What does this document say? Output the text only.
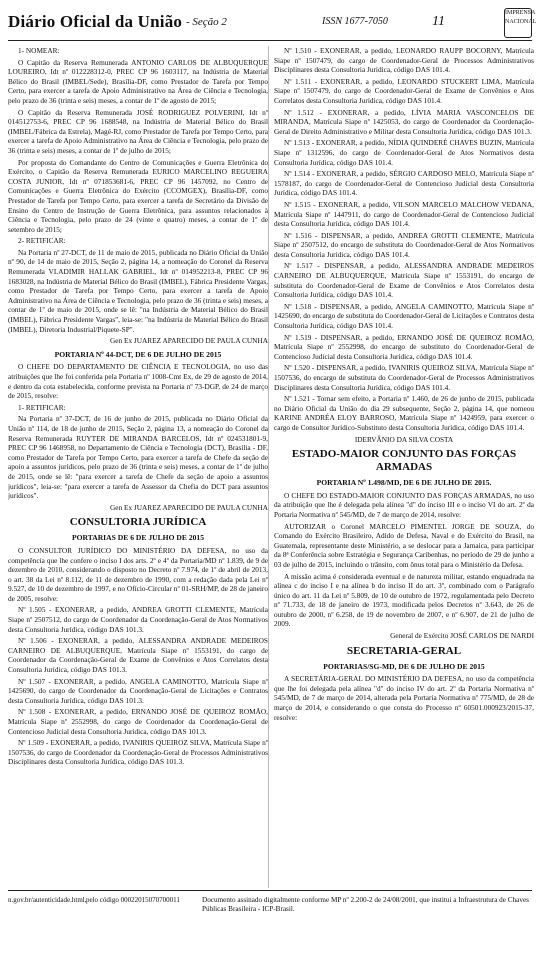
Diário Oficial da União - Seção 2	ISSN 1677-7050	11
IMPRENSA NACIONAL

1- NOMEAR:

O Capitão da Reserva Remunerada ANTONIO CARLOS DE ALBUQUERQUE LOUREIRO, Idt nº 012228312-0, PREC CP 96 1603117, na Indústria de Material Bélico do Brasil (IMBEL/Sede), Brasília-DF, como Prestador de Tarefa por Tempo Certo, para exercer a tarefa de Apoio Administrativo na Área de Ciência e Tecnologia, pelo prazo de 36 (trinta e seis) meses, a contar de 1º de agosto de 2015;

O Capitão da Reserva Remunerada JOSÉ RODRIGUEZ POLVERINI, Idt nº 014512753-6, PREC CP 96 1688548, na Indústria de Material Bélico do Brasil (IMBEL/Fábrica da Estrela), Magé-RJ, como Prestador de Tarefa por Tempo Certo, para exercer a tarefa de Apoio Administrativo na Área de Ciência e Tecnologia, pelo prazo de 36 (trinta e seis) meses, a contar de 1º de julho de 2015;

Por proposta do Comandante do Centro de Comunicações e Guerra Eletrônica do Exército, o Capitão da Reserva Remunerada EURICO MARCELINO REGUEIRA COSTA JUNIOR, Idt nº 071853681-6, PREC CP 96 1457092, no Centro de Comunicações e Guerra Eletrônica do Exército (CCOMGEX), Brasília-DF, como Prestador de Tarefa por Tempo Certo, para exercer a tarefa de Secretário da Divisão de Ensino do Centro de Instrução de Guerra Eletrônica, para assuntos relacionados à Ciência e Tecnologia, pelo prazo de 24 (vinte e quatro) meses, a contar de 1º de setembro de 2015;

2- RETIFICAR:

Na Portaria nº 27-DCT, de 11 de maio de 2015, publicada no Diário Oficial da União nº 90, de 14 de maio de 2015, Seção 2, página 14, a nomeação do Coronel da Reserva Remunerada VLADIMIR HALLAK GABRIEL, Idt nº 014952213-8, PREC CP 96 1683028, na Indústria de Material Bélico do Brasil (IMBEL), Fábrica Presidente Vargas, como Prestador de Tarefa por Tempo Certo, para exercer a tarefa de Apoio Administrativo na Área de Ciência e Tecnologia, pelo prazo de 36 (trinta e seis) meses, a contar de 1º de maio de 2015, onde se lê: "na Indústria de Material Bélico do Brasil (IMBEL), Fábrica Presidente Vargas", leia-se: "na Indústria de Material Bélico do Brasil (IMBEL), Diretoria Industrial/Piquete-SP".

Gen Ex JUAREZ APARECIDO DE PAULA CUNHA

PORTARIA Nº 44-DCT, DE 6 DE JULHO DE 2015

O CHEFE DO DEPARTAMENTO DE CIÊNCIA E TECNOLOGIA, no uso das atribuições que lhe foi conferida pela Portaria nº 1008-Cmt Ex, de 29 de agosto de 2014, e dentro da cota estabelecida, conforme prevista na Portaria nº 73-DGP, de 24 de março de 2015, resolve:

1- RETIFICAR:

Na Portaria nº 37-DCT, de 16 de junho de 2015, publicada no Diário Oficial da União nº 114, de 18 de junho de 2015, Seção 2, página 13, a nomeação do Coronel da Reserva Remunerada RUYTER DE MIRANDA BARCELOS, Idt nº 024531801-9, PREC CP 96 1468958, no Departamento de Ciência e Tecnologia (DCT), Brasília - DF, como Prestador de Tarefa por Tempo Certo, para exercer a tarefa de Chefe da seção de apoio a assuntos jurídicos, pelo prazo de 36 (trinta e seis) meses, a contar de 1º de julho de 2015, onde se lê: "para exercer a tarefa de Chefe da seção de apoio a assuntos jurídicos", leia-se: "para exercer a tarefa de Assessor da Chefia do DCT para assuntos jurídicos".

Gen Ex JUAREZ APARECIDO DE PAULA CUNHA

CONSULTORIA JURÍDICA

PORTARIAS DE 6 DE JULHO DE 2015

O CONSULTOR JURÍDICO DO MINISTÉRIO DA DEFESA, no uso da competência que lhe confere o inciso I dos arts. 2º e 4º da Portaria/MD nº 1.839, de 9 de dezembro de 2010, considerando o disposto no Decreto nº 7.974, de 1º de abril de 2013, o art. 38 da Lei nº 8.112, de 11 de dezembro de 1990, com a redação dada pela Lei nº 9.527, de 10 de dezembro de 1997, e no Ofício-Circular nº 01-SRH/MP, de 28 de janeiro de 2005, resolve:

Nº 1.505 - EXONERAR, a pedido, ANDREA GROTTI CLEMENTE, Matrícula Siape nº 2507512, do cargo de Coordenador da Coordenação-Geral de Atos Normativos desta Consultoria Jurídica, código DAS 101.3.

Nº 1.506 - EXONERAR, a pedido, ALESSANDRA ANDRADE MEDEIROS CARNEIRO DE ALBUQUERQUE, Matrícula Siape nº 1553191, do cargo de Coordenador da Coordenação-Geral de Exame de Convênios e Atos Correlatos desta Consultoria Jurídica, código DAS 101.3.

Nº 1.507 - EXONERAR, a pedido, ANGELA CAMINOTTO, Matrícula Siape nº 1425690, do cargo de Coordenador da Coordenação-Geral de Licitações e Contratos desta Consultoria Jurídica, código DAS 101.3.

Nº 1.508 - EXONERAR, a pedido, ERNANDO JOSÉ DE QUEIROZ ROMÃO, Matrícula Siape nº 2552998, do cargo de Coordenador da Coordenação-Geral de Contencioso Judicial desta Consultoria Jurídica, código DAS 101.3.

Nº 1.509 - EXONERAR, a pedido, IVANIRIS QUEIROZ SILVA, Matrícula Siape nº 1507536, do cargo de Coordenador da Coordenação-Geral de Processos Administrativos Disciplinares desta Consultoria Jurídica, código DAS 101.3.

Nº 1.510 - EXONERAR, a pedido, LEONARDO RAUPP BOCORNY, Matrícula Siape nº 1507479, do cargo de Coordenador-Geral de Processos Administrativos Disciplinares desta Consultoria Jurídica, código DAS 101.4.

Nº 1.511 - EXONERAR, a pedido, LEONARDO STUCKERT LIMA, Matrícula Siape nº 1507479, do cargo de Coordenador-Geral de Exame de Convênios e Atos Correlatos desta Consultoria Jurídica, código DAS 101.4.

Nº 1.512 - EXONERAR, a pedido, LÍVIA MARIA VASCONCELOS DE MIRANDA, Matrícula Siape nº 1425053, do cargo de Coordenador da Coordenação-Geral de Direito Administrativo e Militar desta Consultoria Jurídica, código DAS 101.3.

Nº 1.513 - EXONERAR, a pedido, NÍDIA QUINDERÉ CHAVES BUZIN, Matrícula Siape nº 1312596, do cargo de Coordenador-Geral de Atos Normativos desta Consultoria Jurídica, código DAS 101.4.

Nº 1.514 - EXONERAR, a pedido, SÉRGIO CARDOSO MELO, Matrícula Siape nº 1578187, do cargo de Coordenador-Geral de Contencioso Judicial desta Consultoria Jurídica, código DAS 101.4.

Nº 1.515 - EXONERAR, a pedido, VILSON MARCELO MALCHOW VEDANA, Matrícula Siape nº 1447911, do cargo de Coordenador-Geral de Contencioso Judicial desta Consultoria Jurídica, código DAS 101.4.

Nº 1.516 - DISPENSAR, a pedido, ANDREA GROTTI CLEMENTE, Matrícula Siape nº 2507512, do encargo de substituta do Coordenador-Geral de Atos Normativos desta Consultoria Jurídica, código DAS 101.4.

Nº 1.517 - DISPENSAR, a pedido, ALESSANDRA ANDRADE MEDEIROS CARNEIRO DE ALBUQUERQUE, Matrícula Siape nº 1553191, do encargo de substituta do Coordenador-Geral de Exame de Convênios e Atos Correlatos desta Consultoria Jurídica, código DAS 101.4.

Nº 1.518 - DISPENSAR, a pedido, ANGELA CAMINOTTO, Matrícula Siape nº 1425690, do encargo de substituta do Coordenador-Geral de Licitações e Contratos desta Consultoria Jurídica, código DAS 101.4.

Nº 1.519 - DISPENSAR, a pedido, ERNANDO JOSÉ DE QUEIROZ ROMÃO, Matrícula Siape nº 2552998, do encargo de substituto do Coordenador-Geral de Contencioso Judicial desta Consultoria Jurídica, código DAS 101.4.

Nº 1.520 - DISPENSAR, a pedido, IVANIRIS QUEIROZ SILVA, Matrícula Siape nº 1507536, do encargo de substituta do Coordenador-Geral de Processos Administrativos Disciplinares desta Consultoria Jurídica, código DAS 101.4.

Nº 1.521 - Tornar sem efeito, a Portaria nº 1.460, de 26 de junho de 2015, publicada no Diário Oficial da União do dia 29 subsequente, Seção 2, página 14, que nomeou KARINE ANDRÉA ELOY BARROSO, Matrícula Siape nº 1424959, para exercer o cargo de Consultor Jurídico-Substituto desta Consultoria Jurídica, código DAS 101.4.

IDERVÂNIO DA SILVA COSTA

ESTADO-MAIOR CONJUNTO DAS FORÇAS ARMADAS

PORTARIA Nº 1.498/MD, DE 6 DE JULHO DE 2015.

O CHEFE DO ESTADO-MAIOR CONJUNTO DAS FORÇAS ARMADAS, no uso da atribuição que lhe é delegada pela alínea "d" do inciso III e o inciso VI do art. 2º da Portaria Normativa nº 545/MD, de 7 de março de 2014, resolve:

AUTORIZAR o Coronel MARCELO PIMENTEL JORGE DE SOUZA, do Comando do Exército Brasileiro, Adido de Defesa, Naval e do Exército do Brasil, na Guatemala, representante deste Ministério, a se deslocar para a Jamaica, para participar da 8ª Conferência sobre Estratégia e Segurança Caribenhas, no período de 29 de junho a 03 de julho de 2015, incluindo o trânsito, com ônus total para o Ministério da Defesa.

A missão acima é considerada eventual e de natureza militar, estando enquadrada na alínea c do inciso I e na alínea b do inciso II do art. 3º, combinado com o Parágrafo único do art. 11 da Lei nº 5.809, de 10 de outubro de 1972, regulamentada pelo Decreto nº 71.733, de 18 de janeiro de 1973, modificada pelos Decretos nº 3.643, de 26 de outubro de 2000, nº 6.258, de 19 de novembro de 2007, e nº 6.907, de 21 de julho de 2009.

General de Exército JOSÉ CARLOS DE NARDI

SECRETARIA-GERAL

PORTARIAS/SG-MD, DE 6 DE JULHO DE 2015

A SECRETÁRIA-GERAL DO MINISTÉRIO DA DEFESA, no uso da competência que lhe foi delegada pela alínea "d" do inciso IV do art. 2º da Portaria Normativa nº 545/MD, de 7 de março de 2014, alterada pela Portaria Normativa nº 775/MD, de 28 de março de 2014, e considerando o que consta do Processo nº 60501.000923/2015-37, resolve:

n.gov.br/autenticidade.html, pelo código 00022015070700011	Documento assinado digitalmente conforme MP nº 2.200-2 de 24/08/2001, que institui a Infraestrutura de Chaves Públicas Brasileira - ICP-Brasil.
